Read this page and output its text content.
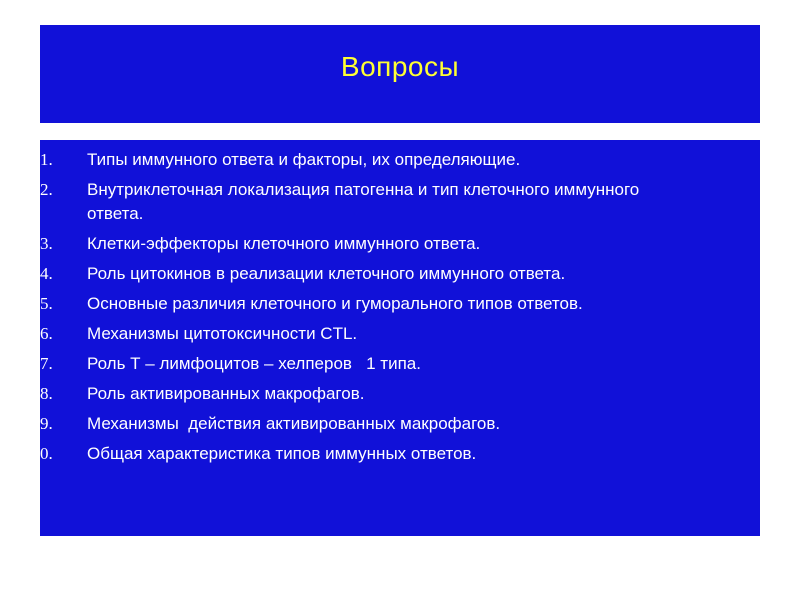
Вопросы
1.	Типы иммунного ответа и факторы, их определяющие.
2.	Внутриклеточная локализация патогенна и тип клеточного иммунного ответа.
3.	Клетки-эффекторы клеточного иммунного ответа.
4.	Роль цитокинов в реализации клеточного иммунного ответа.
5.	Основные различия клеточного и гуморального типов ответов.
6.	Механизмы цитотоксичности CTL.
7.	Роль Т – лимфоцитов – хелперов   1 типа.
8.	Роль активированных макрофагов.
9.	Механизмы  действия активированных макрофагов.
0.	Общая характеристика типов иммунных ответов.
